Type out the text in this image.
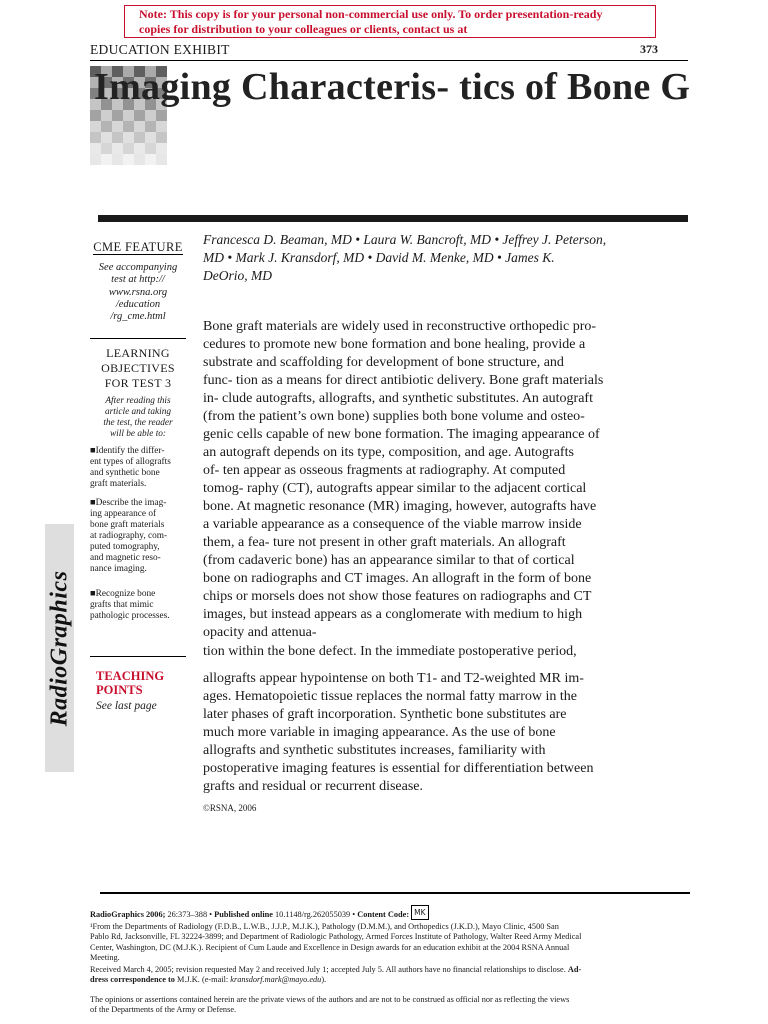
Note: This copy is for your personal non-commercial use only. To order presentation-ready
copies for distribution to your colleagues or clients, contact us at
EDUCATION EXHIBIT	373
Imaging Characteris- tics of Bone G
CME FEATURE
See accompanying
test at http://
www.rsna.org
/education
/rg_cme.html
LEARNING
OBJECTIVES
FOR TEST 3
After reading this
article and taking
the test, the reader
will be able to:
■Identify the differ-
ent types of allografts
and synthetic bone
graft materials.
■Describe the imag-
ing appearance of
bone graft materials
at radiography, com-
puted tomography,
and magnetic reso-
nance imaging.
■Recognize bone
grafts that mimic
pathologic processes.
TEACHING
POINTS
See last page
RadioGraphics
Francesca D. Beaman, MD • Laura W. Bancroft, MD • Jeffrey J. Peterson,
MD • Mark J. Kransdorf, MD • David M. Menke, MD • James K.
DeOrio, MD
Bone graft materials are widely used in reconstructive orthopedic pro-
cedures to promote new bone formation and bone healing, provide a
substrate and scaffolding for development of bone structure, and
func- tion as a means for direct antibiotic delivery. Bone graft materials
in- clude autografts, allografts, and synthetic substitutes. An autograft
(from the patient’s own bone) supplies both bone volume and osteo-
genic cells capable of new bone formation. The imaging appearance of
an autograft depends on its type, composition, and age. Autografts
of- ten appear as osseous fragments at radiography. At computed
tomog- raphy (CT), autografts appear similar to the adjacent cortical
bone. At magnetic resonance (MR) imaging, however, autografts have
a variable appearance as a consequence of the viable marrow inside
them, a fea- ture not present in other graft materials. An allograft
(from cadaveric bone) has an appearance similar to that of cortical
bone on radiographs and CT images. An allograft in the form of bone
chips or morsels does not show those features on radiographs and CT
images, but instead appears as a conglomerate with medium to high
opacity and attenua-
tion within the bone defect. In the immediate postoperative period,
allografts appear hypointense on both T1- and T2-weighted MR im-
ages. Hematopoietic tissue replaces the normal fatty marrow in the
later phases of graft incorporation. Synthetic bone substitutes are
much more variable in imaging appearance. As the use of bone
allografts and synthetic substitutes increases, familiarity with
postoperative imaging features is essential for differentiation between
grafts and residual or recurrent disease.
©RSNA, 2006
RadioGraphics 2006; 26:373–388 • Published online 10.1148/rg.262055039 • Content Code: MK
¹From the Departments of Radiology (F.D.B., L.W.B., J.J.P., M.J.K.), Pathology (D.M.M.), and Orthopedics (J.K.D.), Mayo Clinic, 4500 San
Pablo Rd, Jacksonville, FL 32224-3899; and Department of Radiologic Pathology, Armed Forces Institute of Pathology, Walter Reed Army Medical
Center, Washington, DC (M.J.K.). Recipient of Cum Laude and Excellence in Design awards for an education exhibit at the 2004 RSNA Annual
Meeting.
Received March 4, 2005; revision requested May 2 and received July 1; accepted July 5. All authors have no financial relationships to disclose. Ad-
dress correspondence to M.J.K. (e-mail: kransdorf.mark@mayo.edu).
The opinions or assertions contained herein are the private views of the authors and are not to be construed as official nor as reflecting the views
of the Departments of the Army or Defense.
